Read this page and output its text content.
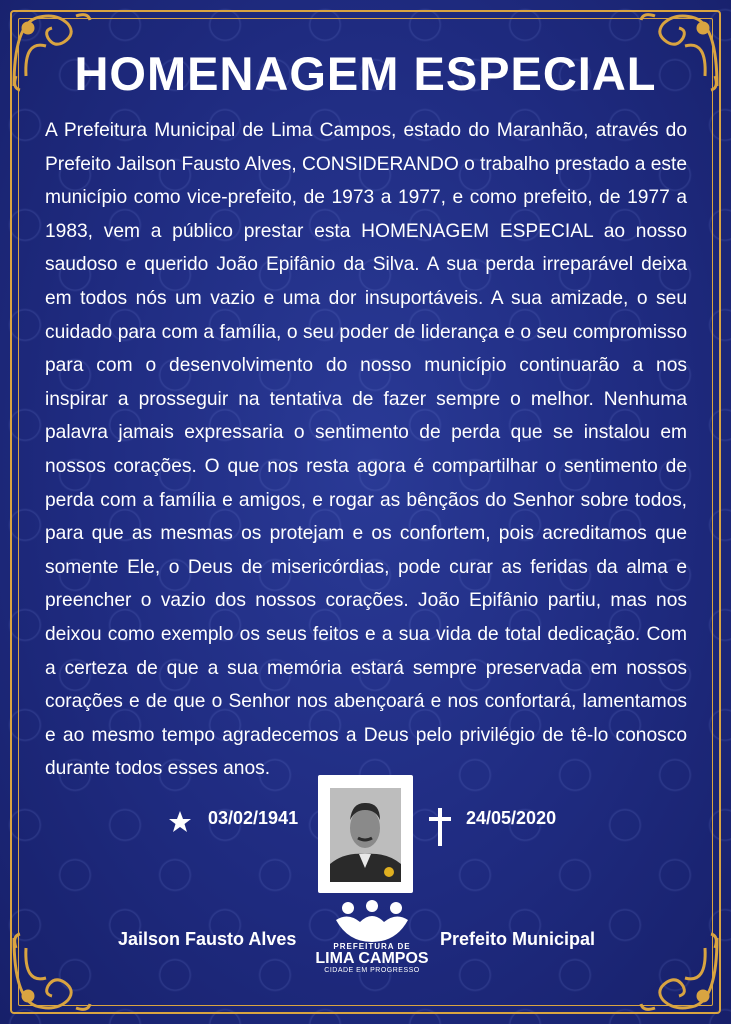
HOMENAGEM ESPECIAL
A Prefeitura Municipal de Lima Campos, estado do Maranhão, através do Prefeito Jailson Fausto Alves, CONSIDERANDO o trabalho prestado a este município como vice-prefeito, de 1973 a 1977, e como prefeito, de 1977 a 1983, vem a público prestar esta HOMENAGEM ESPECIAL ao nosso saudoso e querido João Epifânio da Silva. A sua perda irreparável deixa em todos nós um vazio e uma dor insuportáveis. A sua amizade, o seu cuidado para com a família, o seu poder de liderança e o seu compromisso para com o desenvolvimento do nosso município continuarão a nos inspirar a prosseguir na tentativa de fazer sempre o melhor. Nenhuma palavra jamais expressaria o sentimento de perda que se instalou em nossos corações. O que nos resta agora é compartilhar o sentimento de perda com a família e amigos, e rogar as bênçãos do Senhor sobre todos, para que as mesmas os protejam e os confortem, pois acreditamos que somente Ele, o Deus de misericórdias, pode curar as feridas da alma e preencher o vazio dos nossos corações. João Epifânio partiu, mas nos deixou como exemplo os seus feitos e a sua vida de total dedicação. Com a certeza de que a sua memória estará sempre preservada em nossos corações e de que o Senhor nos abençoará e nos confortará, lamentamos e ao mesmo tempo agradecemos a Deus pelo privilégio de tê-lo conosco durante todos esses anos.
03/02/1941	24/05/2020
Jailson Fausto Alves	PREFEITURA DE
LIMA CAMPOS
CIDADE EM PROGRESSO
Prefeito Municipal
